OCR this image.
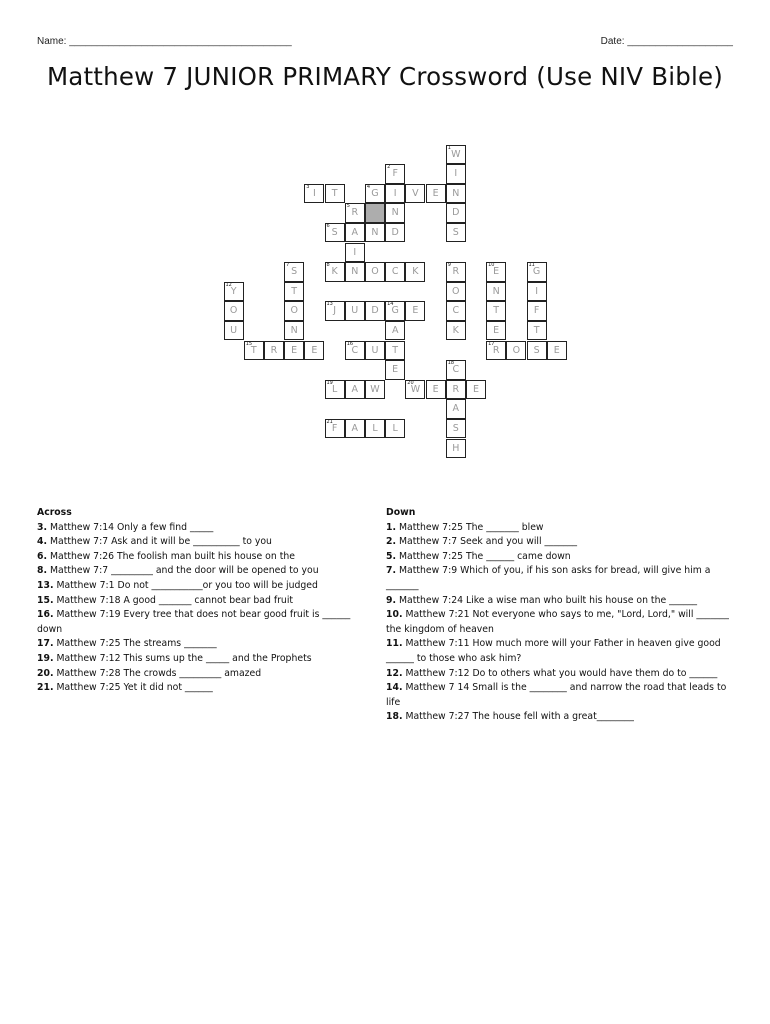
Name: ________________________________________	Date: ___________________
Matthew 7 JUNIOR PRIMARY Crossword (Use NIV Bible)
1
W
2
F	I
3
I	T
4
G	I	V	E	N
5
R	N	D
6
S	A	N	D	S
I
7
S
8
K	N	O	C	K
9
R
10
E
11
G
12
Y	T	O	N	I
O	O
13
J	U	D
14
G	E	C	T	F
U	N	A	K	E	T
15
T	R	E	E
16
C	U	T
17
R	O	S	E
E
18
C
19
L	A	W
20
W	E	R	E
A
21
F	A	L	L	S
H
Across
3. Matthew 7:14 Only a few find _____
4. Matthew 7:7 Ask and it will be __________ to you
6. Matthew 7:26 The foolish man built his house on the
8. Matthew 7:7 _________ and the door will be opened to you
13. Matthew 7:1 Do not ___________or you too will be judged
15. Matthew 7:18 A good _______ cannot bear bad fruit
16. Matthew 7:19 Every tree that does not bear good fruit is ______ down
17. Matthew 7:25 The streams _______
19. Matthew 7:12 This sums up the _____ and the Prophets
20. Matthew 7:28 The crowds _________ amazed
21. Matthew 7:25 Yet it did not ______
Down
1. Matthew 7:25 The _______ blew
2. Matthew 7:7 Seek and you will _______
5. Matthew 7:25 The ______ came down
7. Matthew 7:9 Which of you, if his son asks for bread, will give him a _______
9. Matthew 7:24 Like a wise man who built his house on the ______
10. Matthew 7:21 Not everyone who says to me, "Lord, Lord," will _______ the kingdom of heaven
11. Matthew 7:11 How much more will your Father in heaven give good ______ to those who ask him?
12. Matthew 7:12 Do to others what you would have them do to ______
14. Matthew 7 14 Small is the ________ and narrow the road that leads to life
18. Matthew 7:27 The house fell with a great________
